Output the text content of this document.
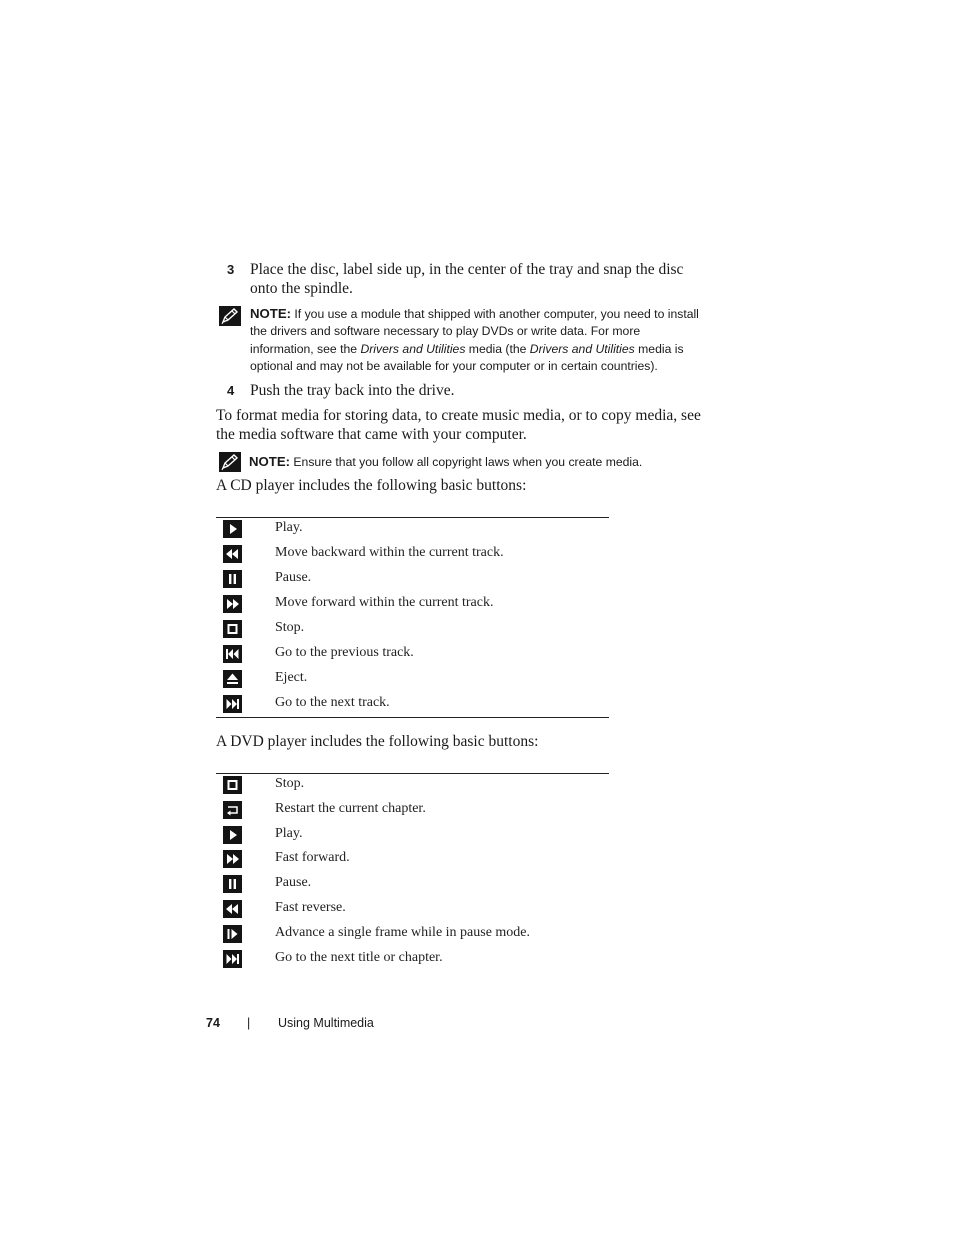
3 Place the disc, label side up, in the center of the tray and snap the disc
onto the spindle.
NOTE: If you use a module that shipped with another computer, you need to install
the drivers and software necessary to play DVDs or write data. For more
information, see the Drivers and Utilities media (the Drivers and Utilities media is
optional and may not be available for your computer or in certain countries).
4 Push the tray back into the drive.
To format media for storing data, to create music media, or to copy media, see
the media software that came with your computer.
NOTE: Ensure that you follow all copyright laws when you create media.
A CD player includes the following basic buttons:
Play.
Move backward within the current track.
Pause.
Move forward within the current track.
Stop.
Go to the previous track.
Eject.
Go to the next track.
A DVD player includes the following basic buttons:
Stop.
Restart the current chapter.
Play.
Fast forward.
Pause.
Fast reverse.
Advance a single frame while in pause mode.
Go to the next title or chapter.
74 | Using Multimedia
